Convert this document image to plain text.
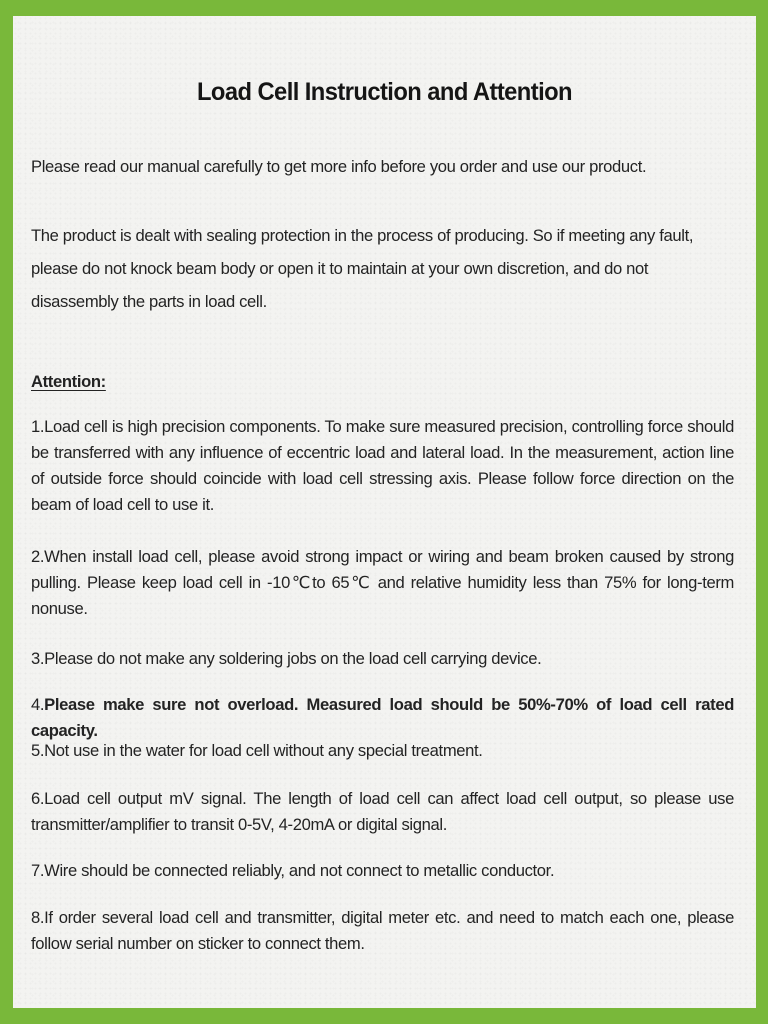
Load Cell Instruction and Attention

Please read our manual carefully to get more info before you order and use our product.

The product is dealt with sealing protection in the process of producing. So if meeting any fault, please do not knock beam body or open it to maintain at your own discretion, and do not disassembly the parts in load cell.

Attention:

1.Load cell is high precision components. To make sure measured precision, controlling force should be transferred with any influence of eccentric load and lateral load. In the measurement, action line of outside force should coincide with load cell stressing axis. Please follow force direction on the beam of load cell to use it.

2.When install load cell, please avoid strong impact or wiring and beam broken caused by strong pulling. Please keep load cell in -10℃to 65℃ and relative humidity less than 75% for long-term nonuse.

3.Please do not make any soldering jobs on the load cell carrying device.

4.Please make sure not overload. Measured load should be 50%-70% of load cell rated capacity.

5.Not use in the water for load cell without any special treatment.

6.Load cell output mV signal. The length of load cell can affect load cell output, so please use transmitter/amplifier to transit 0-5V, 4-20mA or digital signal.

7.Wire should be connected reliably, and not connect to metallic conductor.

8.If order several load cell and transmitter, digital meter etc. and need to match each one, please follow serial number on sticker to connect them.
